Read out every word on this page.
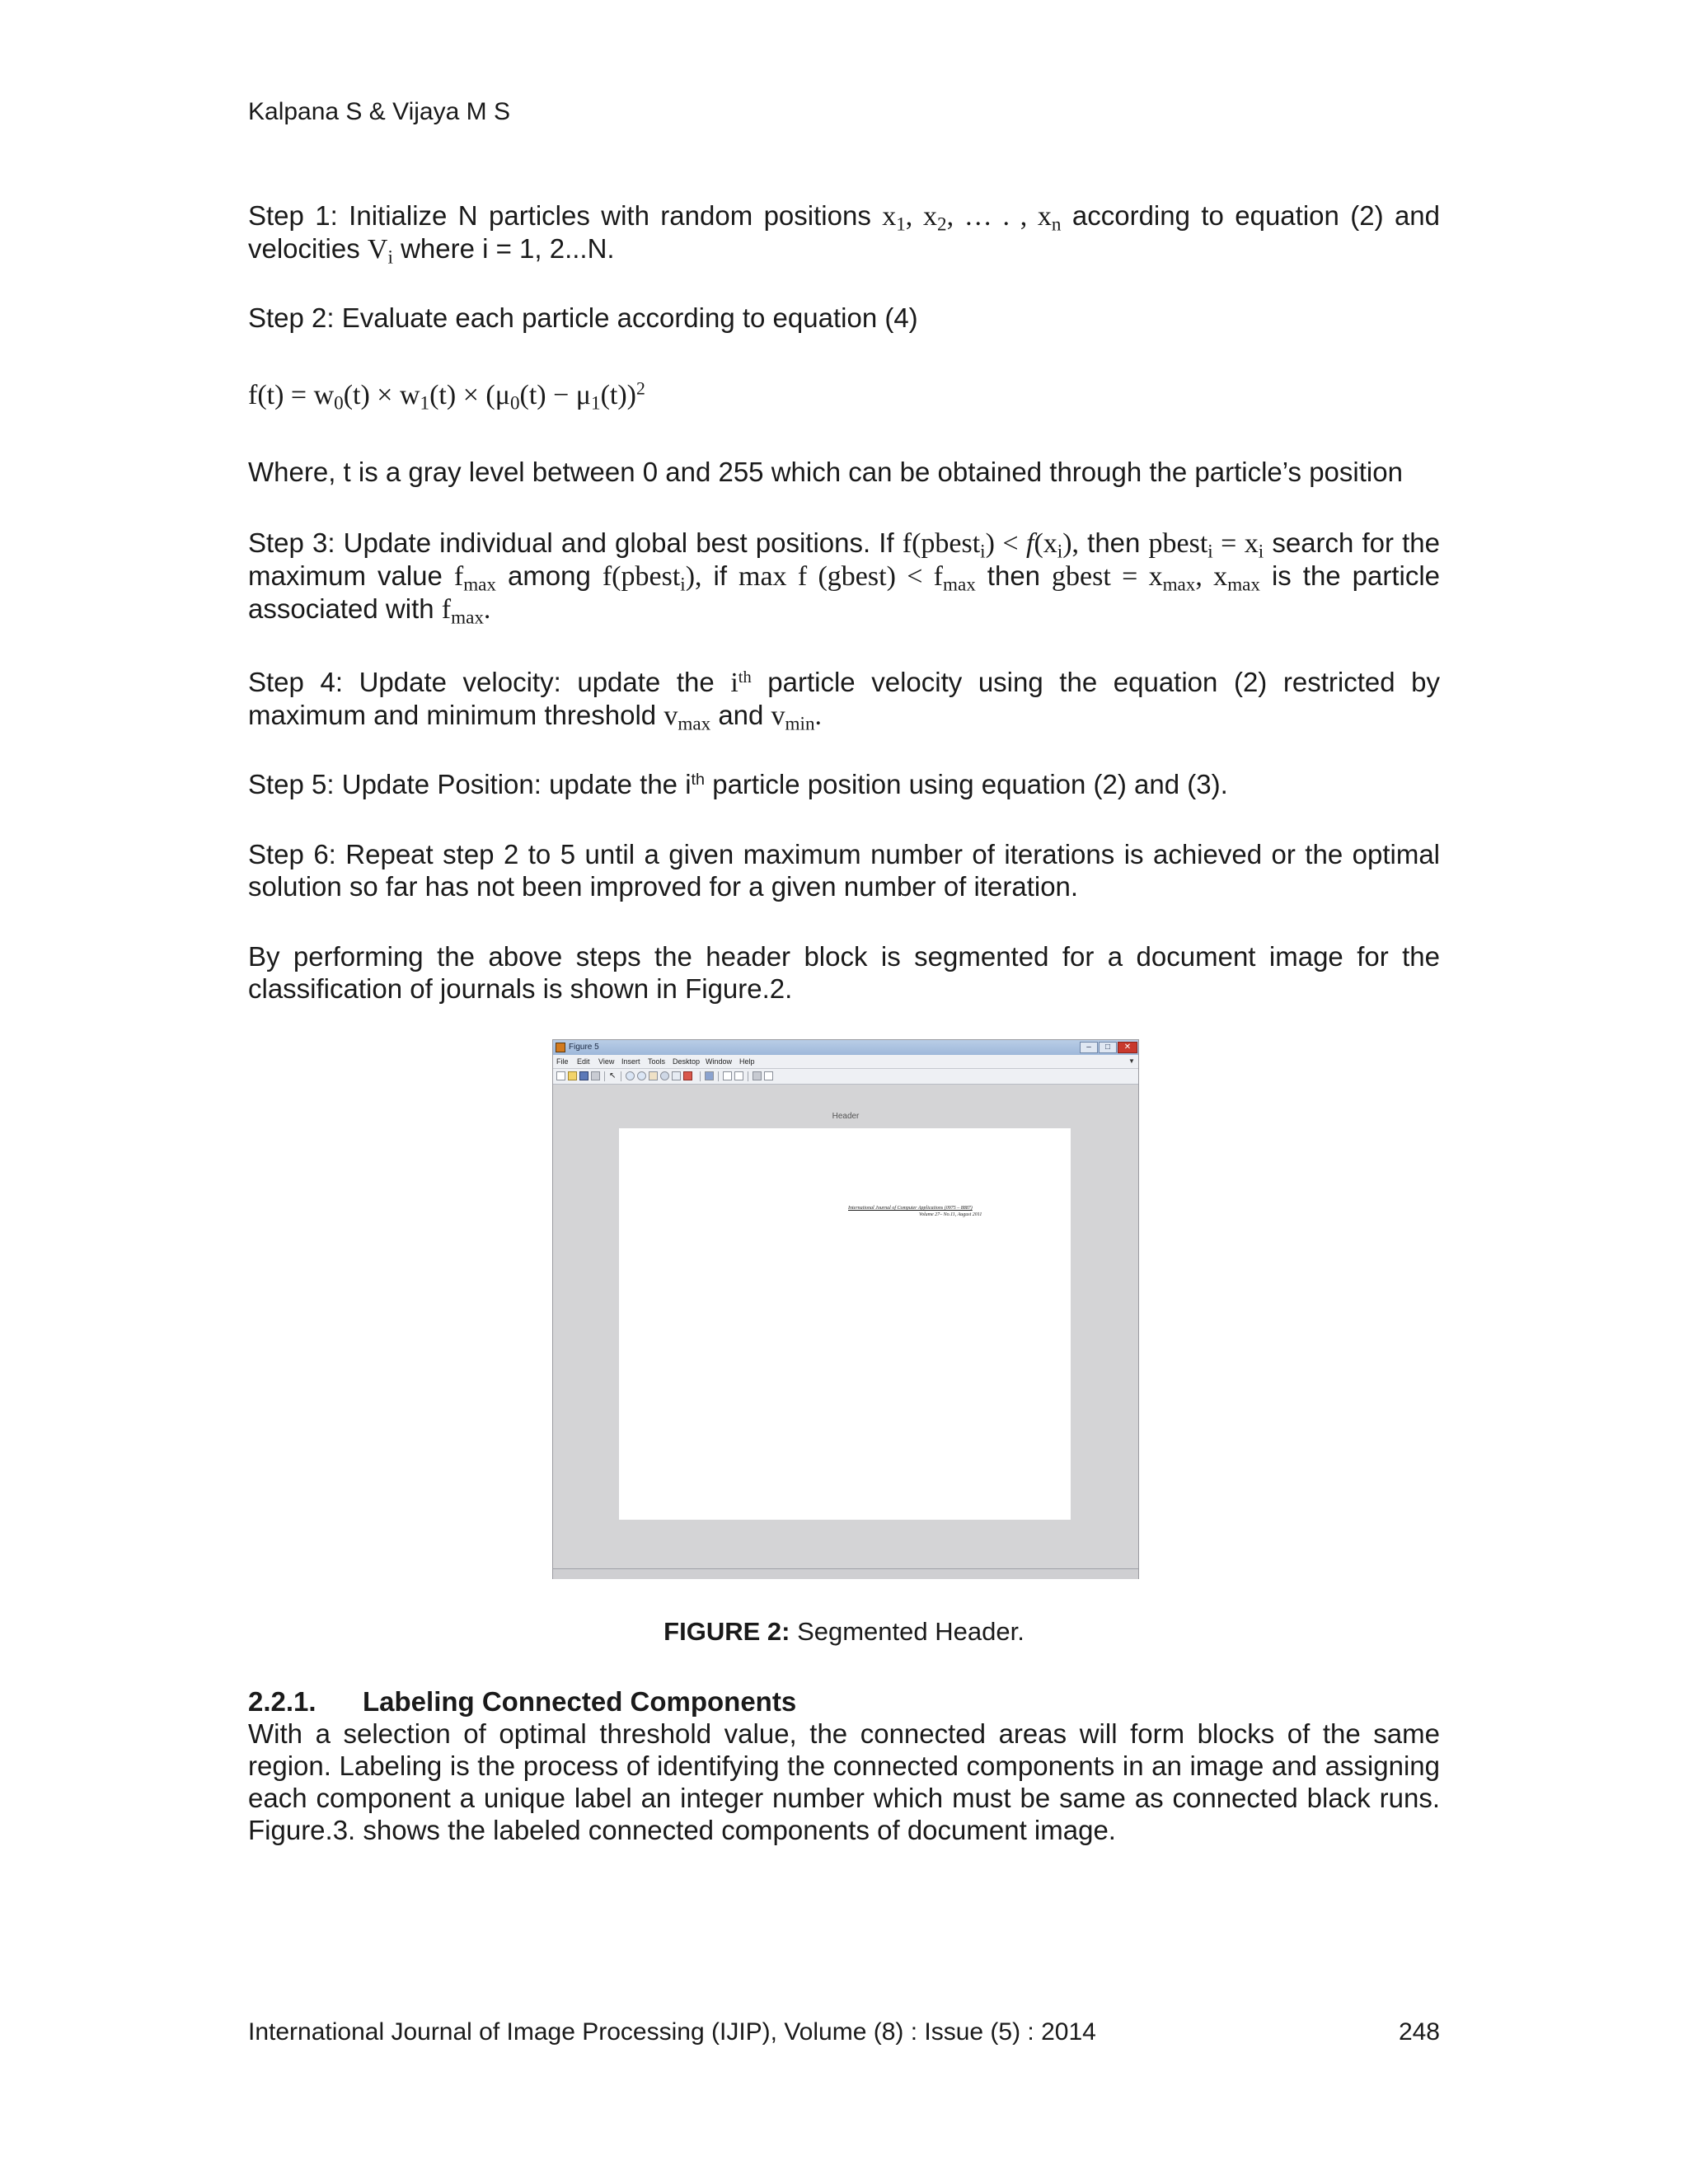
Kalpana S & Vijaya M S
Step 1: Initialize N particles with random positions $x_1$, $x_2$, … . , $x_n$ according to equation (2) and velocities $V_i$ where i = 1, 2...N.
Step 2: Evaluate each particle according to equation (4)
$f(t) = w_0(t) \times w_1(t) \times (\mu_0(t) - \mu_1(t))^2$
Where, t is a gray level between 0 and 255 which can be obtained through the particle’s position
Step 3: Update individual and global best positions. If f(pbest$_i$) < $f(x_i)$, then pbest$_i$ = $x_i$ search for the maximum value $f_{max}$ among f(pbest$_i$), if max f (gbest) < $f_{max}$ then gbest = $x_{max}$, $x_{max}$ is the particle associated with $f_{max}$.
Step 4: Update velocity: update the $i^{th}$ particle velocity using the equation (2) restricted by maximum and minimum threshold $v_{max}$ and $v_{min}$.
Step 5: Update Position: update the $i^{th}$ particle position using equation (2) and (3).
Step 6: Repeat step 2 to 5 until a given maximum number of iterations is achieved or the optimal solution so far has not been improved for a given number of iteration.
By performing the above steps the header block is segmented for a document image for the classification of journals is shown in Figure.2.
Figure 5	–	□	✕
File Edit View Insert Tools Desktop Window Help	▼
↖
Header
International Journal of Computer Applications (0975 – 8887)
Volume 27– No.11, August 2011
FIGURE 2: Segmented Header.
2.2.1. Labeling Connected Components
With a selection of optimal threshold value, the connected areas will form blocks of the same region. Labeling is the process of identifying the connected components in an image and assigning each component a unique label an integer number which must be same as connected black runs. Figure.3. shows the labeled connected components of document image.
International Journal of Image Processing (IJIP), Volume (8) : Issue (5) : 2014	248
